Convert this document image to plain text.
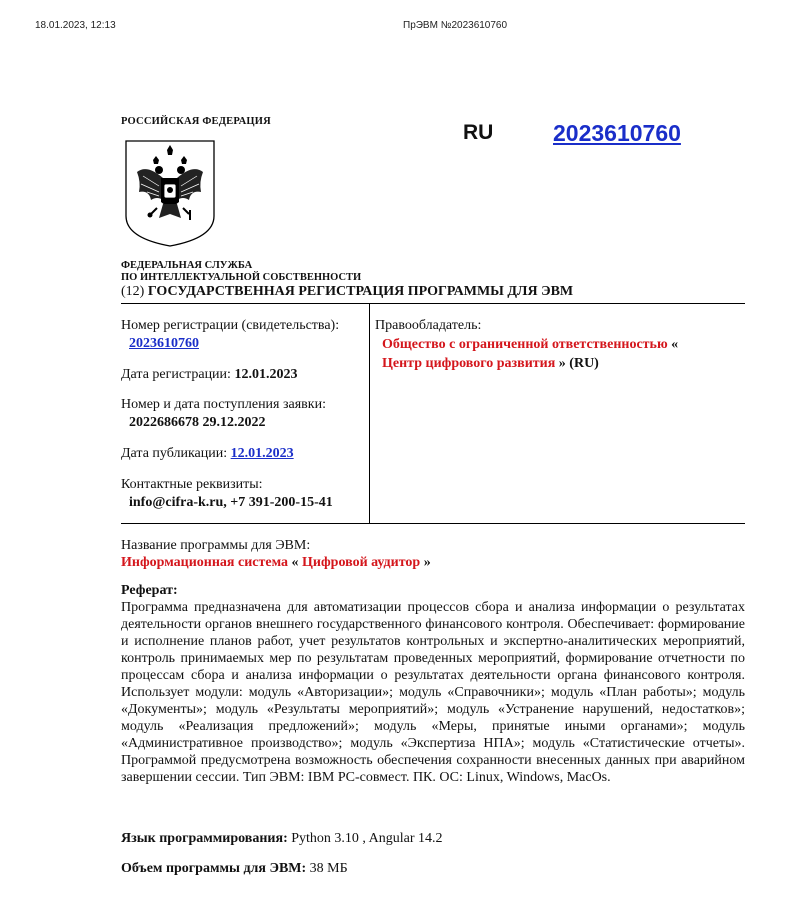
18.01.2023, 12:13	ПрЭВМ №2023610760
РОССИЙСКАЯ ФЕДЕРАЦИЯ	RU	2023610760
ФЕДЕРАЛЬНАЯ СЛУЖБА
ПО ИНТЕЛЛЕКТУАЛЬНОЙ СОБСТВЕННОСТИ
(12) ГОСУДАРСТВЕННАЯ РЕГИСТРАЦИЯ ПРОГРАММЫ ДЛЯ ЭВМ
Номер регистрации (свидетельства):
2023610760
Дата регистрации: 12.01.2023
Номер и дата поступления заявки:
2022686678 29.12.2022
Дата публикации: 12.01.2023
Контактные реквизиты:
info@cifra-k.ru, +7 391-200-15-41
Правообладатель:
Общество с ограниченной ответственностью «
Центр цифрового развития » (RU)
Название программы для ЭВМ:
Информационная система « Цифровой аудитор »
Реферат:
Программа предназначена для автоматизации процессов сбора и анализа информации о результатах деятельности органов внешнего государственного финансового контроля. Обеспечивает: формирование и исполнение планов работ, учет результатов контрольных и экспертно-аналитических мероприятий, контроль принимаемых мер по результатам проведенных мероприятий, формирование отчетности по процессам сбора и анализа информации о результатах деятельности органа финансового контроля. Использует модули: модуль «Авторизации»; модуль «Справочники»; модуль «План работы»; модуль «Документы»; модуль «Результаты мероприятий»; модуль «Устранение нарушений, недостатков»; модуль «Реализация предложений»; модуль «Меры, принятые иными органами»; модуль «Административное производство»; модуль «Экспертиза НПА»; модуль «Статистические отчеты». Программой предусмотрена возможность обеспечения сохранности внесенных данных при аварийном завершении сессии. Тип ЭВМ: IBM PC-совмест. ПК. ОС: Linux, Windows, MacOs.
Язык программирования: Python 3.10 , Angular 14.2
Объем программы для ЭВМ: 38 МБ
